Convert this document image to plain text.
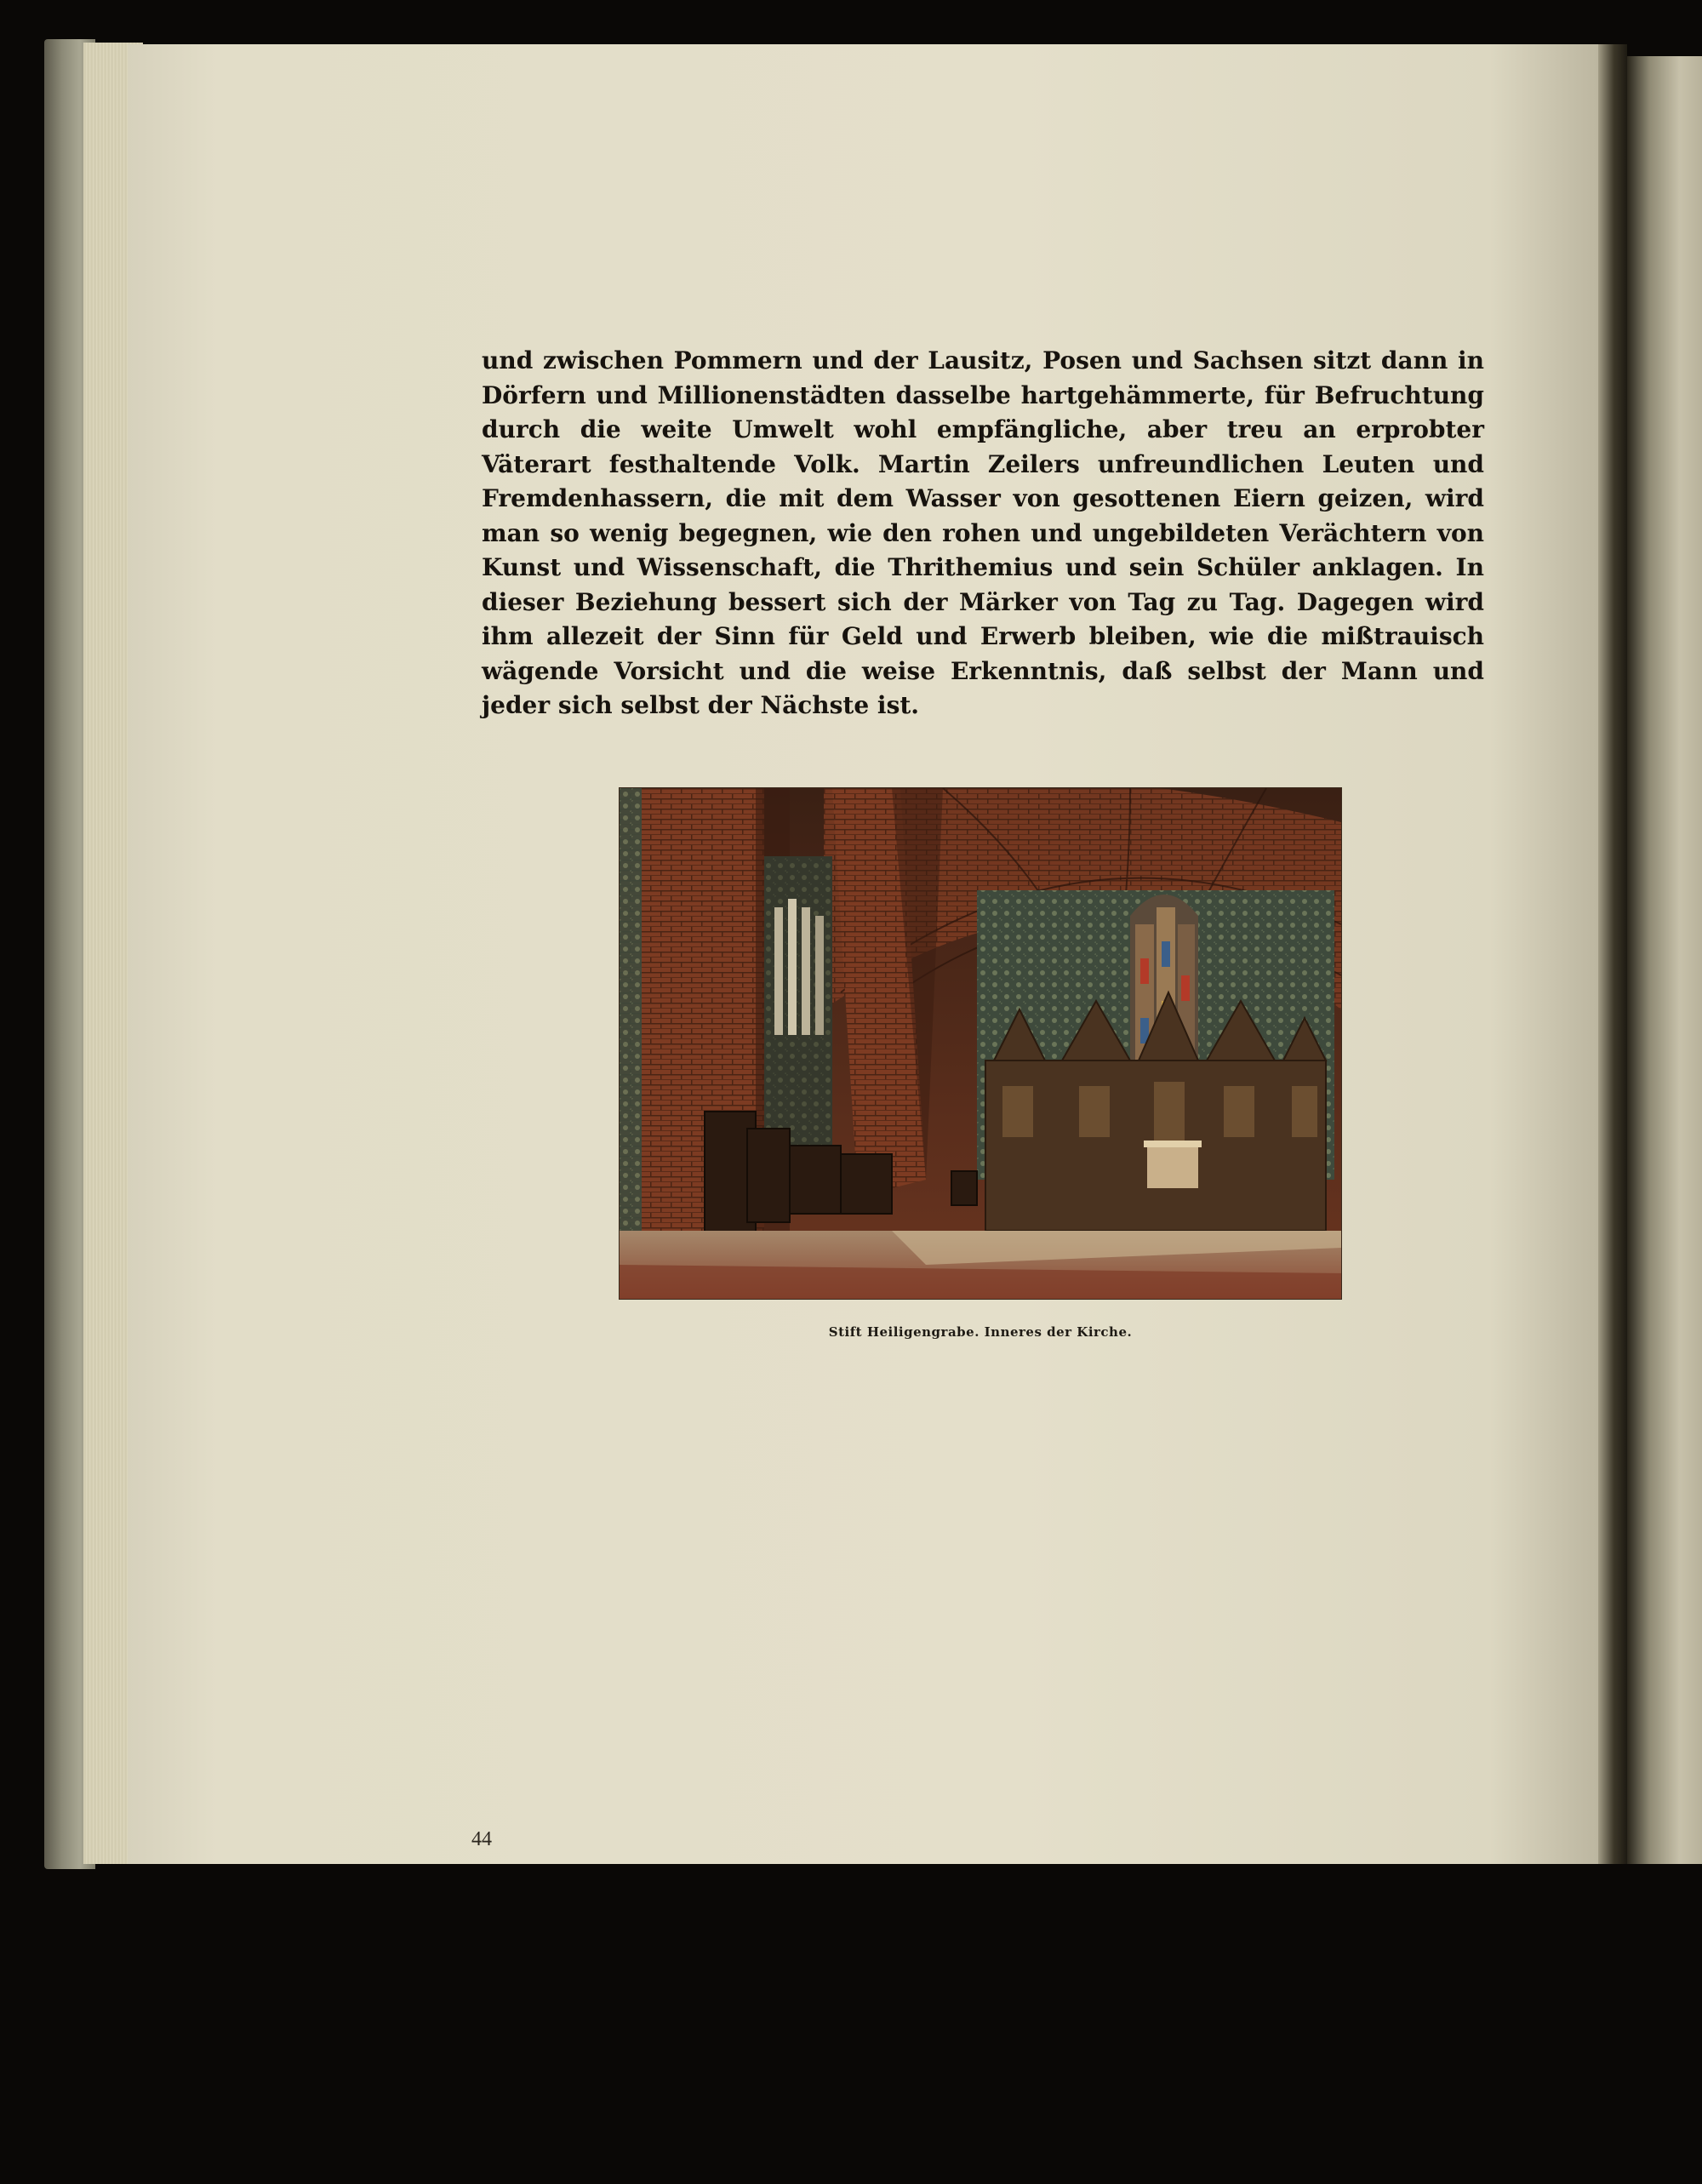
und zwischen Pommern und der Lausitz, Posen und Sachsen sitzt dann in Dörfern und Millionenstädten dasselbe hartgehämmerte, für Befruchtung durch die weite Umwelt wohl empfängliche, aber treu an erprobter Väterart festhaltende Volk. Martin Zeilers unfreundlichen Leuten und Fremdenhassern, die mit dem Wasser von gesottenen Eiern geizen, wird man so wenig begegnen, wie den rohen und ungebildeten Verächtern von Kunst und Wissenschaft, die Thrithemius und sein Schüler anklagen. In dieser Beziehung bessert sich der Märker von Tag zu Tag. Dagegen wird ihm allezeit der Sinn für Geld und Erwerb bleiben, wie die mißtrauisch wägende Vorsicht und die weise Erkenntnis, daß selbst der Mann und jeder sich selbst der Nächste ist.

Stift Heiligengrabe. Inneres der Kirche.
44
